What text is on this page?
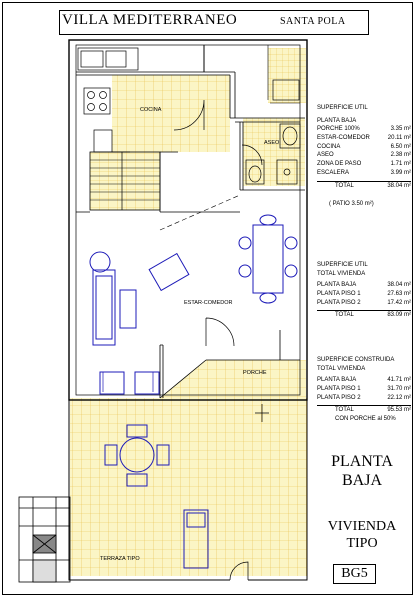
VILLA MEDITERRANEO	SANTA POLA
COCINA
ASEO
ESTAR-COMEDOR
PORCHE
TERRAZA TIPO
SUPERFICIE UTIL
PLANTA BAJA
PORCHE 100%	3.35 m²
ESTAR-COMEDOR	20.11 m²
COCINA	6.50 m²
ASEO	2.38 m²
ZONA DE PASO	1.71 m²
ESCALERA	3.99 m²
TOTAL	38.04 m²
( PATIO 3.50 m²)
SUPERFICIE UTIL
TOTAL VIVIENDA
PLANTA BAJA	38.04 m²
PLANTA PISO 1	27.63 m²
PLANTA PISO 2	17.42 m²
TOTAL	83.09 m²
SUPERFICIE CONSTRUIDA
TOTAL VIVIENDA
PLANTA BAJA	41.71 m²
PLANTA PISO 1	31.70 m²
PLANTA PISO 2	22.12 m²
TOTAL	95.53 m²
CON PORCHE al 50%
PLANTA
BAJA
VIVIENDA
TIPO
BG5
